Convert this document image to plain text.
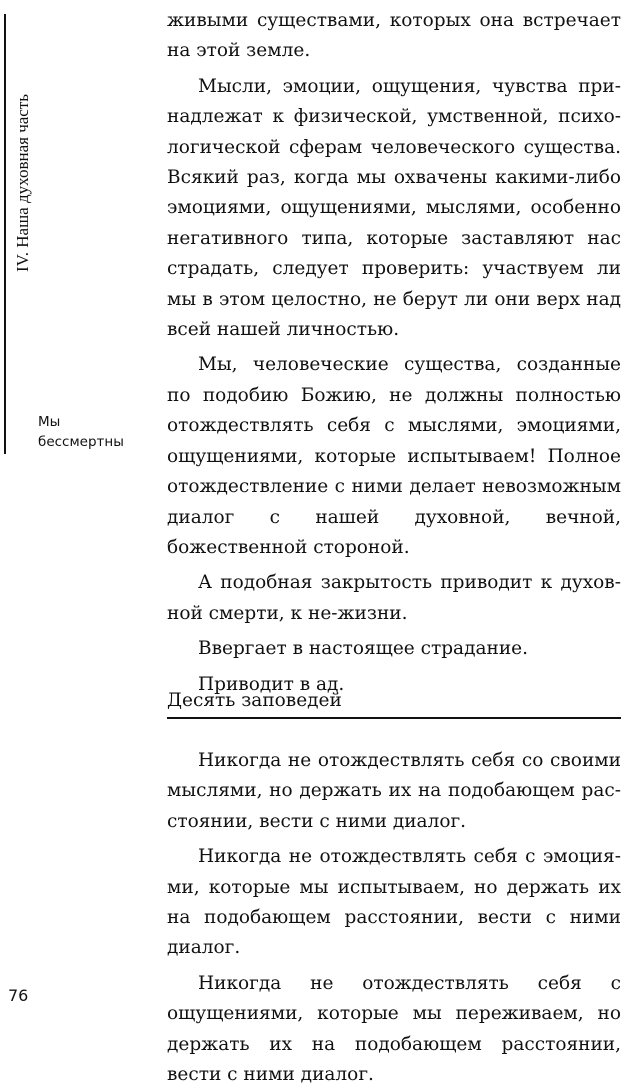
IV. Наша духовная часть
Мы
бессмертны

живыми существами, которых она встречает на этой земле.

Мысли, эмоции, ощущения, чувства принадлежат к физической, умственной, психологической сферам человеческого существа. Всякий раз, когда мы охвачены какими-либо эмоциями, ощущениями, мыслями, особенно негативного типа, которые заставляют нас страдать, следует проверить: участвуем ли мы в этом целостно, не берут ли они верх над всей нашей личностью.

Мы, человеческие существа, созданные по подобию Божию, не должны полностью отождествлять себя с мыслями, эмоциями, ощущениями, которые испытываем! Полное отождествление с ними делает невозможным диалог с нашей духовной, вечной, божественной стороной.

А подобная закрытость приводит к духовной смерти, к не-жизни.

Ввергает в настоящее страдание.

Приводит в ад.

Десять заповедей

Никогда не отождествлять себя со своими мыслями, но держать их на подобающем расстоянии, вести с ними диалог.

Никогда не отождествлять себя с эмоциями, которые мы испытываем, но держать их на подобающем расстоянии, вести с ними диалог.

Никогда не отождествлять себя с ощущениями, которые мы переживаем, но держать их на подобающем расстоянии, вести с ними диалог.

76
